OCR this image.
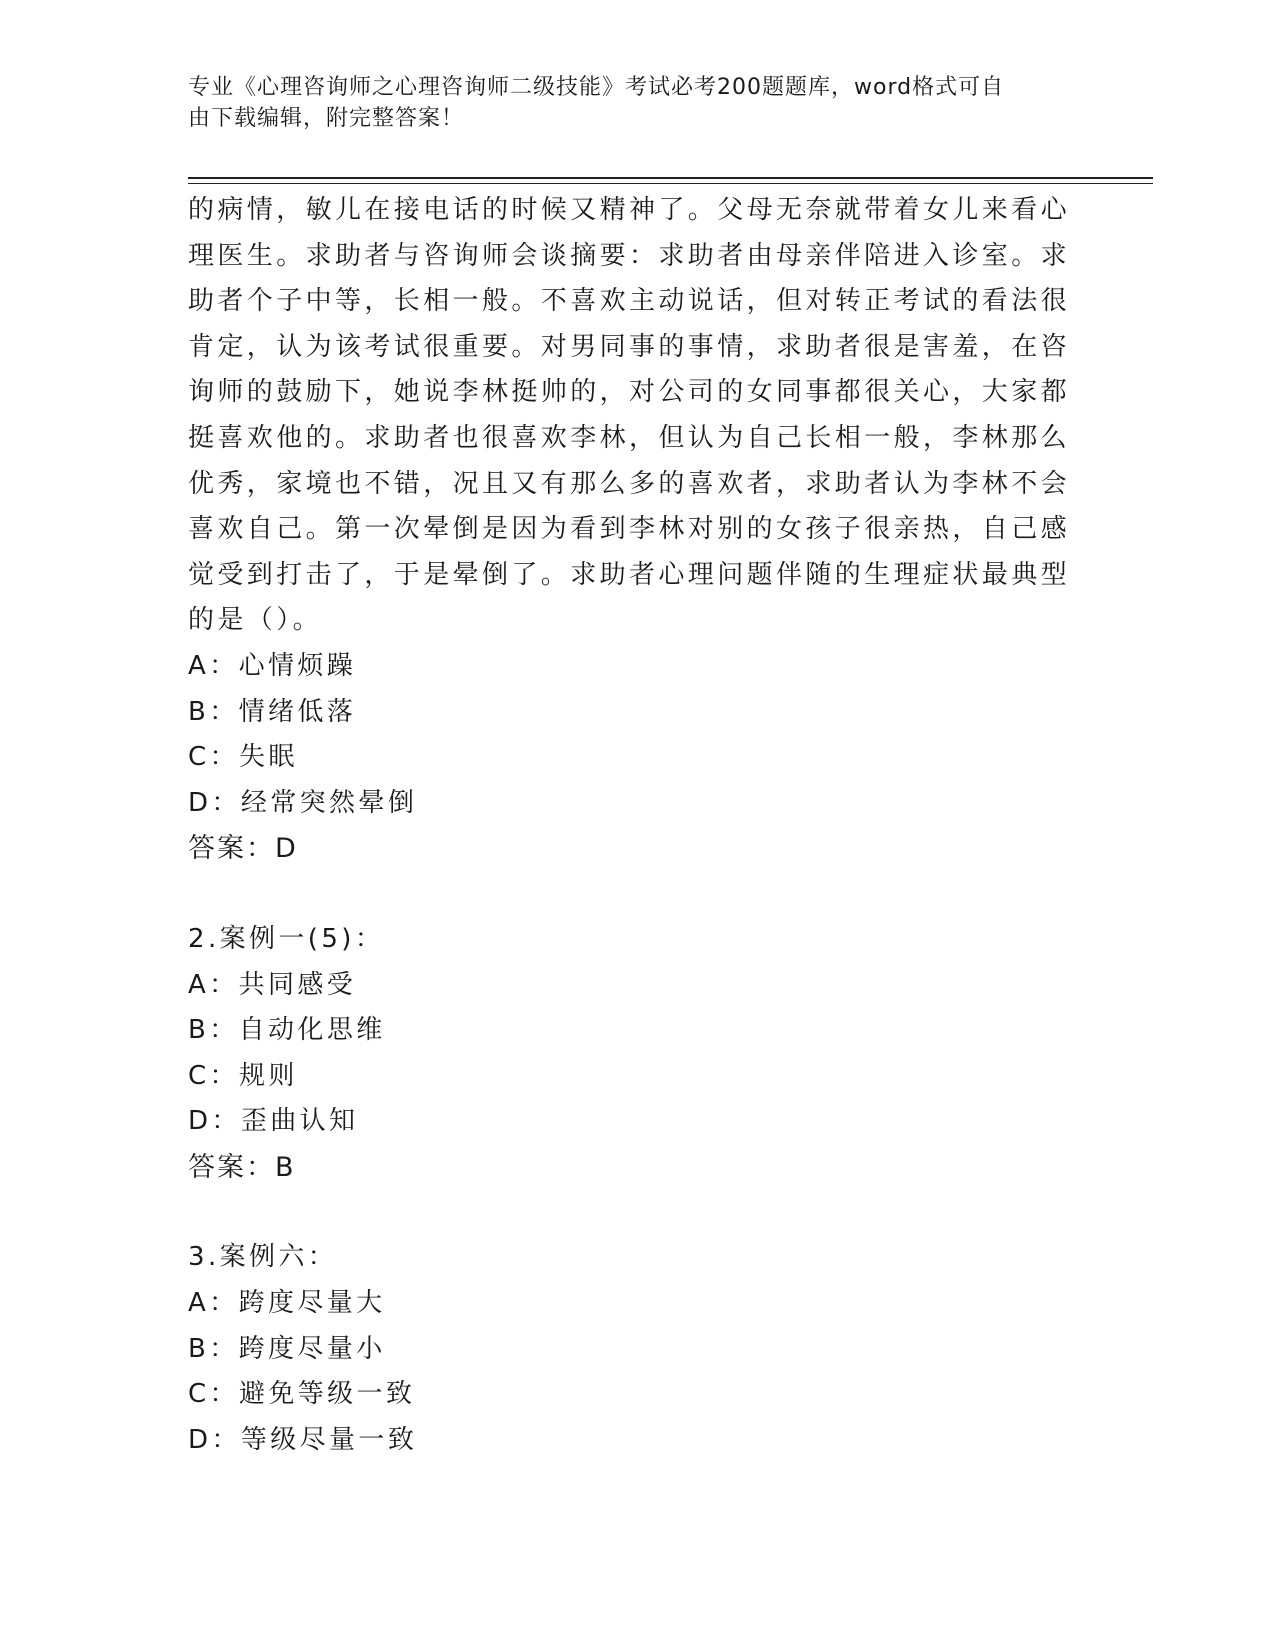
专业《心理咨询师之心理咨询师二级技能》考试必考200题题库，word格式可自
由下载编辑，附完整答案！
的病情，敏儿在接电话的时候又精神了。父母无奈就带着女儿来看心
理医生。求助者与咨询师会谈摘要：求助者由母亲伴陪进入诊室。求
助者个子中等，长相一般。不喜欢主动说话，但对转正考试的看法很
肯定，认为该考试很重要。对男同事的事情，求助者很是害羞，在咨
询师的鼓励下，她说李林挺帅的，对公司的女同事都很关心，大家都
挺喜欢他的。求助者也很喜欢李林，但认为自己长相一般，李林那么
优秀，家境也不错，况且又有那么多的喜欢者，求助者认为李林不会
喜欢自己。第一次晕倒是因为看到李林对别的女孩子很亲热，自己感
觉受到打击了，于是晕倒了。求助者心理问题伴随的生理症状最典型
的是（）。
A：心情烦躁
B：情绪低落
C：失眠
D：经常突然晕倒
答案：D
2.案例一(5)：
A：共同感受
B：自动化思维
C：规则
D：歪曲认知
答案：B
3.案例六：
A：跨度尽量大
B：跨度尽量小
C：避免等级一致
D：等级尽量一致
